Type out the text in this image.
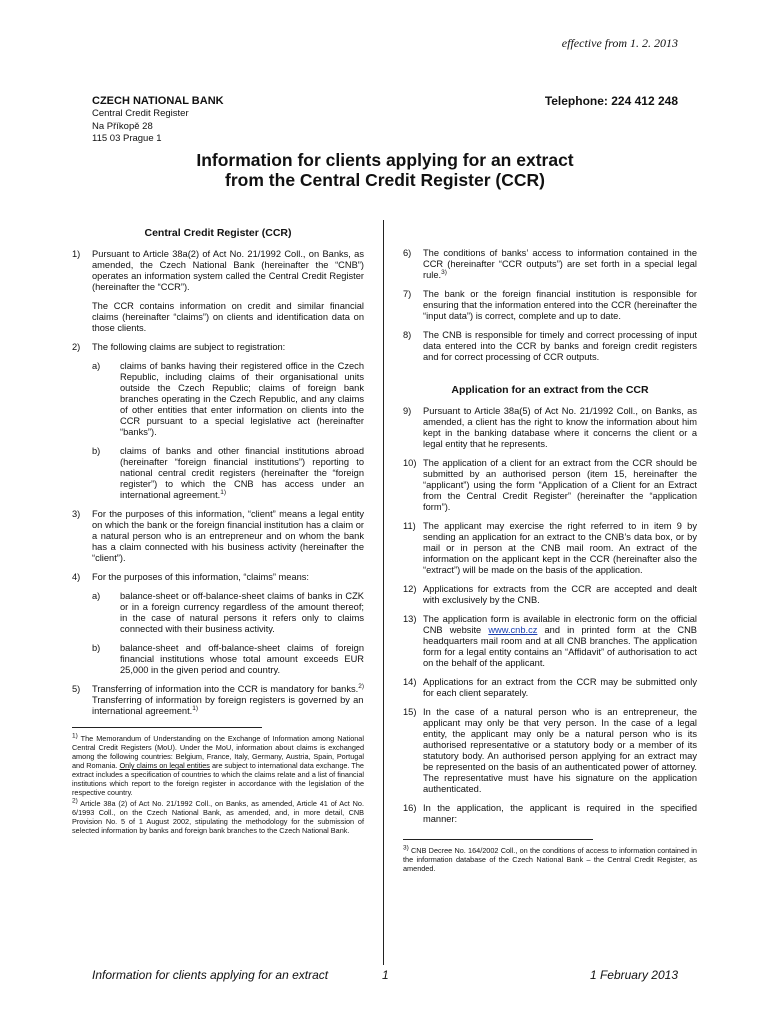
effective from 1. 2. 2013
CZECH NATIONAL BANK
Central Credit Register
Na Příkopě 28
115 03 Prague 1
Telephone: 224 412 248
Information for clients applying for an extract
from the Central Credit Register (CCR)
Central Credit Register (CCR)
1)	Pursuant to Article 38a(2) of Act No. 21/1992 Coll., on Banks, as amended, the Czech National Bank (hereinafter the “CNB”) operates an information system called the Central Credit Register (hereinafter the “CCR”).
The CCR contains information on credit and similar financial claims (hereinafter “claims”) on clients and identification data on those clients.
2)	The following claims are subject to registration:
a)	claims of banks having their registered office in the Czech Republic, including claims of their organisational units outside the Czech Republic; claims of foreign bank branches operating in the Czech Republic, and any claims of other entities that enter information on clients into the CCR pursuant to a special legislative act (hereinafter “banks”).
b)	claims of banks and other financial institutions abroad (hereinafter “foreign financial institutions”) reporting to national central credit registers (hereinafter the “foreign register”) to which the CNB has access under an international agreement.$^{1)}$
3)	For the purposes of this information, “client” means a legal entity on which the bank or the foreign financial institution has a claim or a natural person who is an entrepreneur and on whom the bank has a claim connected with his business activity (hereinafter the “client”).
4)	For the purposes of this information, “claims” means:
a)	balance-sheet or off-balance-sheet claims of banks in CZK or in a foreign currency regardless of the amount thereof; in the case of natural persons it refers only to claims connected with their business activity.
b)	balance-sheet and off-balance-sheet claims of foreign financial institutions whose total amount exceeds EUR 25,000 in the given period and country.
5)	Transferring of information into the CCR is mandatory for banks.$^{2)}$ Transferring of information by foreign registers is governed by an international agreement.$^{1)}$
$^{1)}$ The Memorandum of Understanding on the Exchange of Information among National Central Credit Registers (MoU). Under the MoU, information about claims is exchanged among the following countries: Belgium, France, Italy, Germany, Austria, Spain, Portugal and Romania. Only claims on legal entities are subject to international data exchange. The extract includes a specification of countries to which the claims relate and a list of financial institutions which report to the foreign register in accordance with the legislation of the respective country.
$^{2)}$ Article 38a (2) of Act No. 21/1992 Coll., on Banks, as amended, Article 41 of Act No. 6/1993 Coll., on the Czech National Bank, as amended, and, in more detail, CNB Provision No. 5 of 1 August 2002, stipulating the methodology for the submission of selected information by banks and foreign bank branches to the Czech National Bank.
6)	The conditions of banks’ access to information contained in the CCR (hereinafter “CCR outputs”) are set forth in a special legal rule.$^{3)}$
7)	The bank or the foreign financial institution is responsible for ensuring that the information entered into the CCR (hereinafter the “input data”) is correct, complete and up to date.
8)	The CNB is responsible for timely and correct processing of input data entered into the CCR by banks and foreign credit registers and for correct processing of CCR outputs.
Application for an extract from the CCR
9)	Pursuant to Article 38a(5) of Act No. 21/1992 Coll., on Banks, as amended, a client has the right to know the information about him kept in the banking database where it concerns the client or a legal entity that he represents.
10) The application of a client for an extract from the CCR should be submitted by an authorised person (item 15, hereinafter the “applicant”) using the form “Application of a Client for an Extract from the Central Credit Register” (hereinafter the “application form”).
11) The applicant may exercise the right referred to in item 9 by sending an application for an extract to the CNB’s data box, or by mail or in person at the CNB mail room. An extract of the information on the applicant kept in the CCR (hereinafter also the “extract”) will be made on the basis of the application.
12) Applications for extracts from the CCR are accepted and dealt with exclusively by the CNB.
13) The application form is available in electronic form on the official CNB website www.cnb.cz and in printed form at the CNB headquarters mail room and at all CNB branches. The application form for a legal entity contains an “Affidavit” of authorisation to act on the behalf of the applicant.
14) Applications for an extract from the CCR may be submitted only for each client separately.
15) In the case of a natural person who is an entrepreneur, the applicant may only be that very person. In the case of a legal entity, the applicant may only be a natural person who is its authorised representative or a statutory body or a member of its statutory body. An authorised person applying for an extract may be represented on the basis of an authenticated power of attorney. The representative must have his signature on the application authenticated.
16) In the application, the applicant is required in the specified manner:
$^{3)}$ CNB Decree No. 164/2002 Coll., on the conditions of access to information contained in the information database of the Czech National Bank – the Central Credit Register, as amended.
Information for clients applying for an extract	1	1 February 2013
